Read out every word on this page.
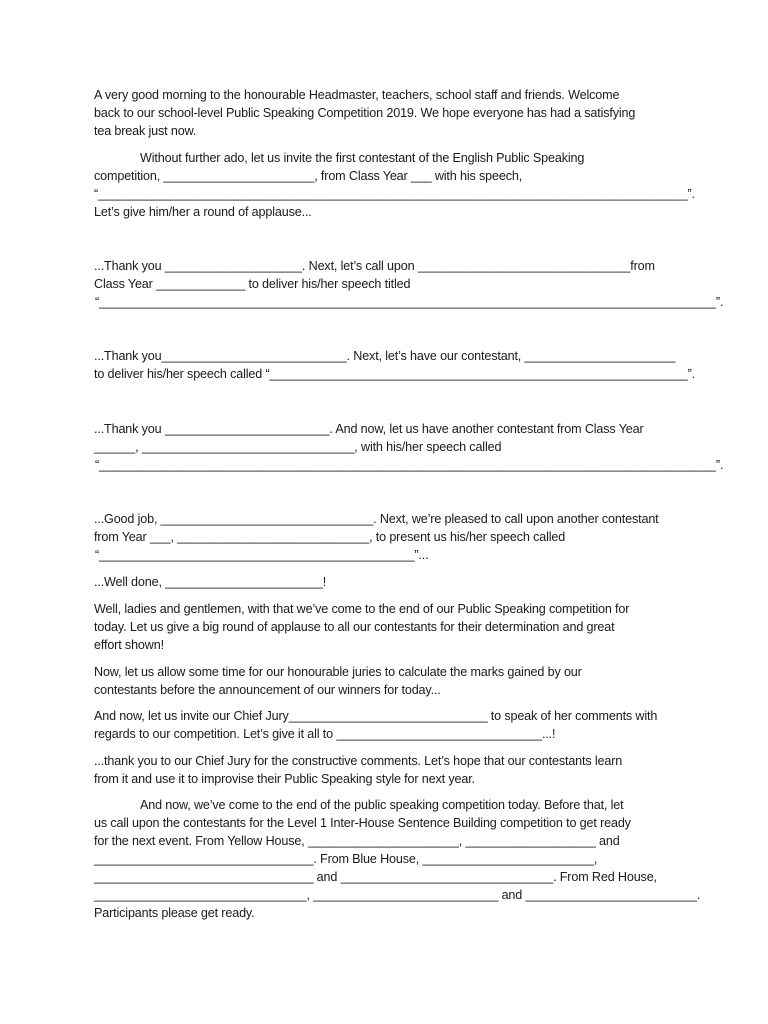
A very good morning to the honourable Headmaster, teachers, school staff and friends. Welcome
back to our school-level Public Speaking Competition 2019. We hope everyone has had a satisfying
tea break just now.
Without further ado, let us invite the first contestant of the English Public Speaking
competition, ______________________, from Class Year ___ with his speech,
“______________________________________________________________________________________”.
Let’s give him/her a round of applause...
...Thank you ____________________. Next, let’s call upon _______________________________from
Class Year _____________ to deliver his/her speech titled
“__________________________________________________________________________________________”.
...Thank you___________________________. Next, let’s have our contestant, ______________________
to deliver his/her speech called “_____________________________________________________________”.
...Thank you ________________________. And now, let us have another contestant from Class Year
______, _______________________________, with his/her speech called
“__________________________________________________________________________________________”.
...Good job, _______________________________. Next, we’re pleased to call upon another contestant
from Year ___, ____________________________, to present us his/her speech called
“______________________________________________”...
...Well done, _______________________!
Well, ladies and gentlemen, with that we’ve come to the end of our Public Speaking competition for
today. Let us give a big round of applause to all our contestants for their determination and great
effort shown!
Now, let us allow some time for our honourable juries to calculate the marks gained by our
contestants before the announcement of our winners for today...
And now, let us invite our Chief Jury_____________________________ to speak of her comments with
regards to our competition. Let’s give it all to ______________________________...!
...thank you to our Chief Jury for the constructive comments. Let’s hope that our contestants learn
from it and use it to improvise their Public Speaking style for next year.
And now, we’ve come to the end of the public speaking competition today. Before that, let
us call upon the contestants for the Level 1 Inter-House Sentence Building competition to get ready
for the next event. From Yellow House, ______________________, ___________________ and
________________________________. From Blue House, _________________________,
________________________________ and _______________________________. From Red House,
_______________________________, ___________________________ and _________________________.
Participants please get ready.
